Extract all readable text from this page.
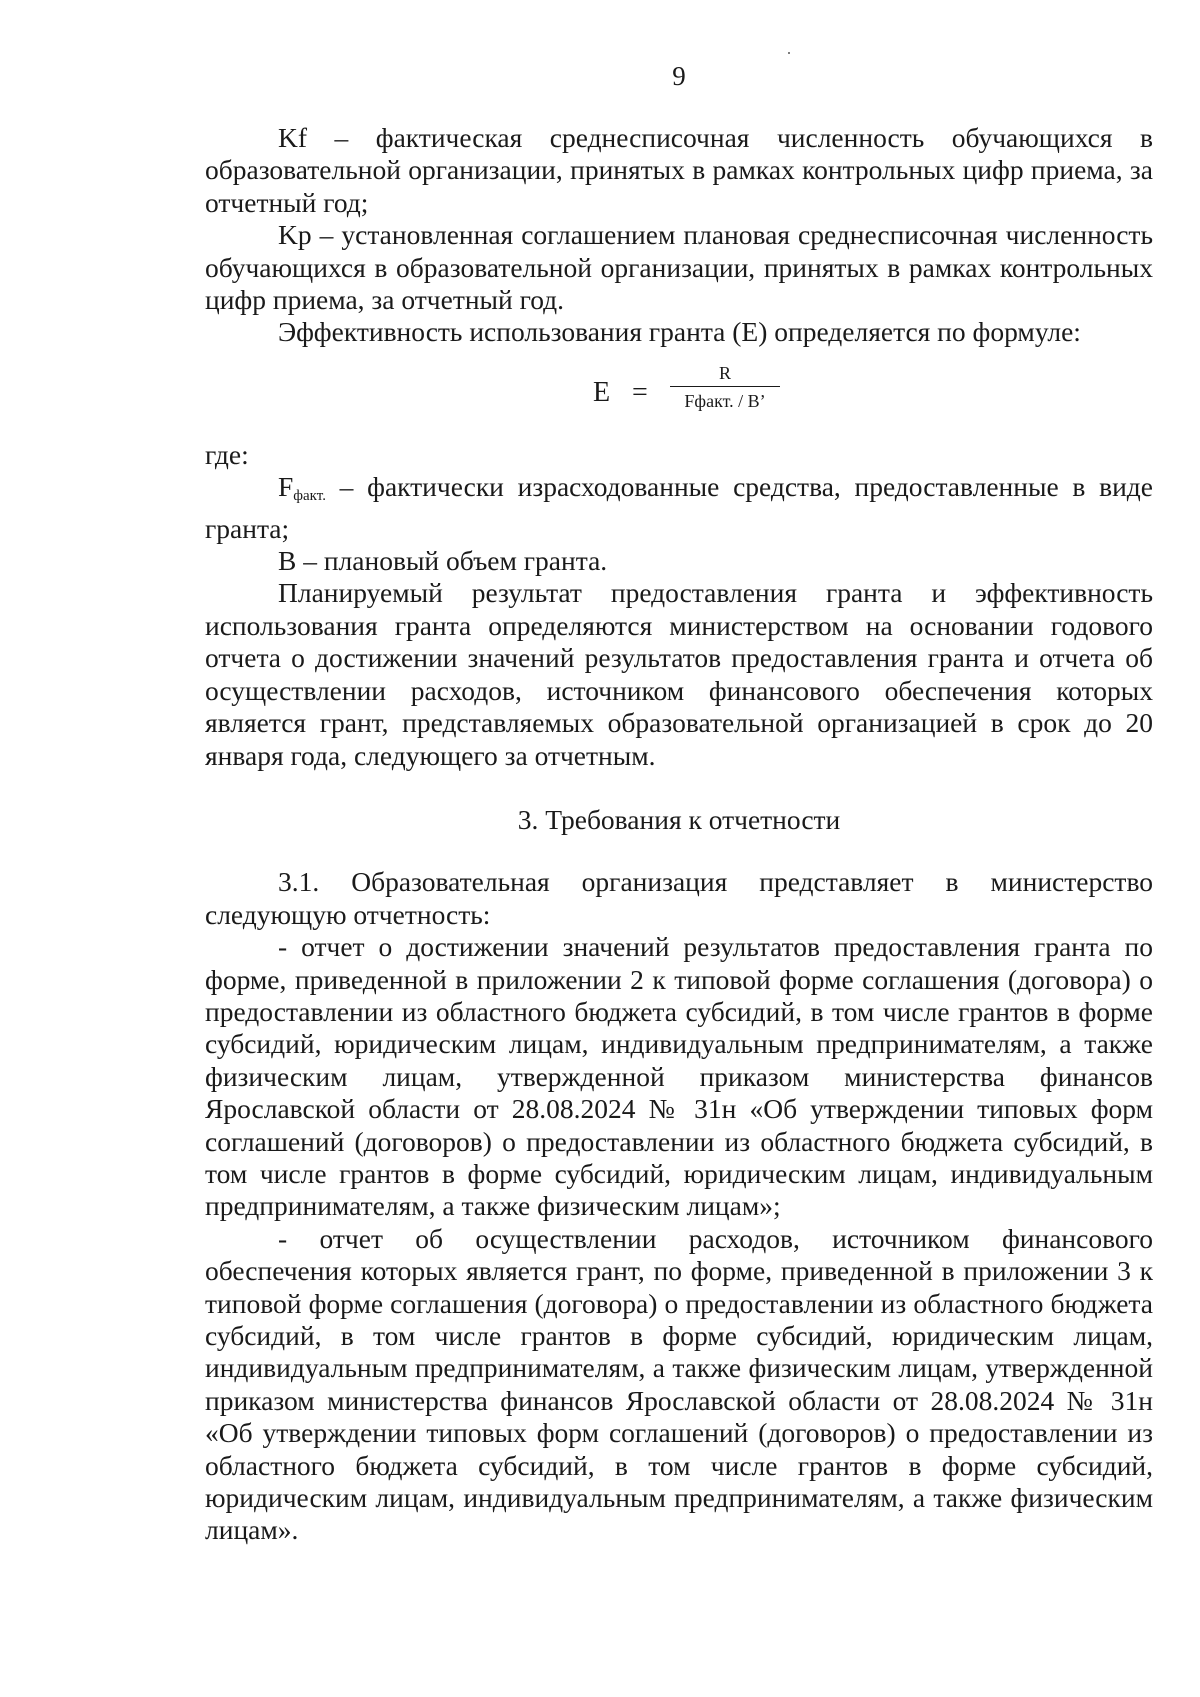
9

Kf – фактическая среднесписочная численность обучающихся в образовательной организации, принятых в рамках контрольных цифр приема, за отчетный год;

Kp – установленная соглашением плановая среднесписочная численность обучающихся в образовательной организации, принятых в рамках контрольных цифр приема, за отчетный год.

Эффективность использования гранта (Е) определяется по формуле:

E =
R
Fфакт. / B’

где:

$F_{факт.}$ – фактически израсходованные средства, предоставленные в виде гранта;

B – плановый объем гранта.

Планируемый результат предоставления гранта и эффективность использования гранта определяются министерством на основании годового отчета о достижении значений результатов предоставления гранта и отчета об осуществлении расходов, источником финансового обеспечения которых является грант, представляемых образовательной организацией в срок до 20 января года, следующего за отчетным.

3. Требования к отчетности

3.1. Образовательная организация представляет в министерство следующую отчетность:

- отчет о достижении значений результатов предоставления гранта по форме, приведенной в приложении 2 к типовой форме соглашения (договора) о предоставлении из областного бюджета субсидий, в том числе грантов в форме субсидий, юридическим лицам, индивидуальным предпринимателям, а также физическим лицам, утвержденной приказом министерства финансов Ярославской области от 28.08.2024 № 31н «Об утверждении типовых форм соглашений (договоров) о предоставлении из областного бюджета субсидий, в том числе грантов в форме субсидий, юридическим лицам, индивидуальным предпринимателям, а также физическим лицам»;

- отчет об осуществлении расходов, источником финансового обеспечения которых является грант, по форме, приведенной в приложении 3 к типовой форме соглашения (договора) о предоставлении из областного бюджета субсидий, в том числе грантов в форме субсидий, юридическим лицам, индивидуальным предпринимателям, а также физическим лицам, утвержденной приказом министерства финансов Ярославской области от 28.08.2024 № 31н «Об утверждении типовых форм соглашений (договоров) о предоставлении из областного бюджета субсидий, в том числе грантов в форме субсидий, юридическим лицам, индивидуальным предпринимателям, а также физическим лицам».
